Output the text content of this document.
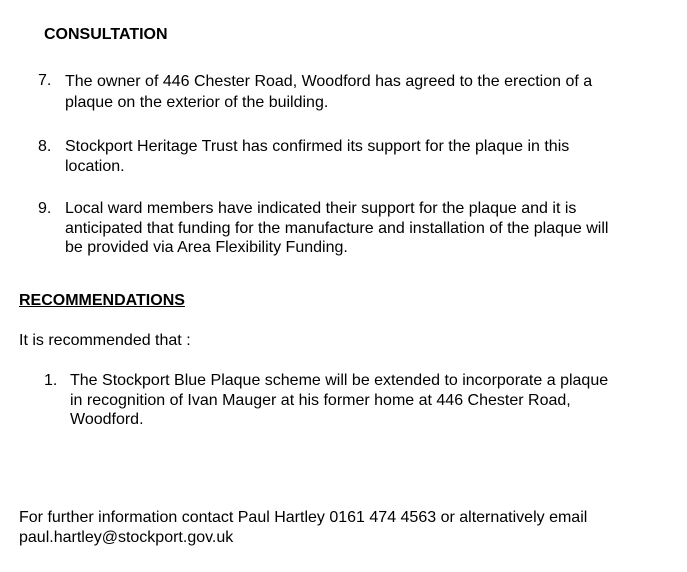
CONSULTATION
7. The owner of 446 Chester Road, Woodford has agreed to the erection of a
plaque on the exterior of the building.
8. Stockport Heritage Trust has confirmed its support for the plaque in this
location.
9. Local ward members have indicated their support for the plaque and it is
anticipated that funding for the manufacture and installation of the plaque will
be provided via Area Flexibility Funding.
RECOMMENDATIONS
It is recommended that :
1. The Stockport Blue Plaque scheme will be extended to incorporate a plaque
in recognition of Ivan Mauger at his former home at 446 Chester Road,
Woodford.
For further information contact Paul Hartley 0161 474 4563 or alternatively email
paul.hartley@stockport.gov.uk
